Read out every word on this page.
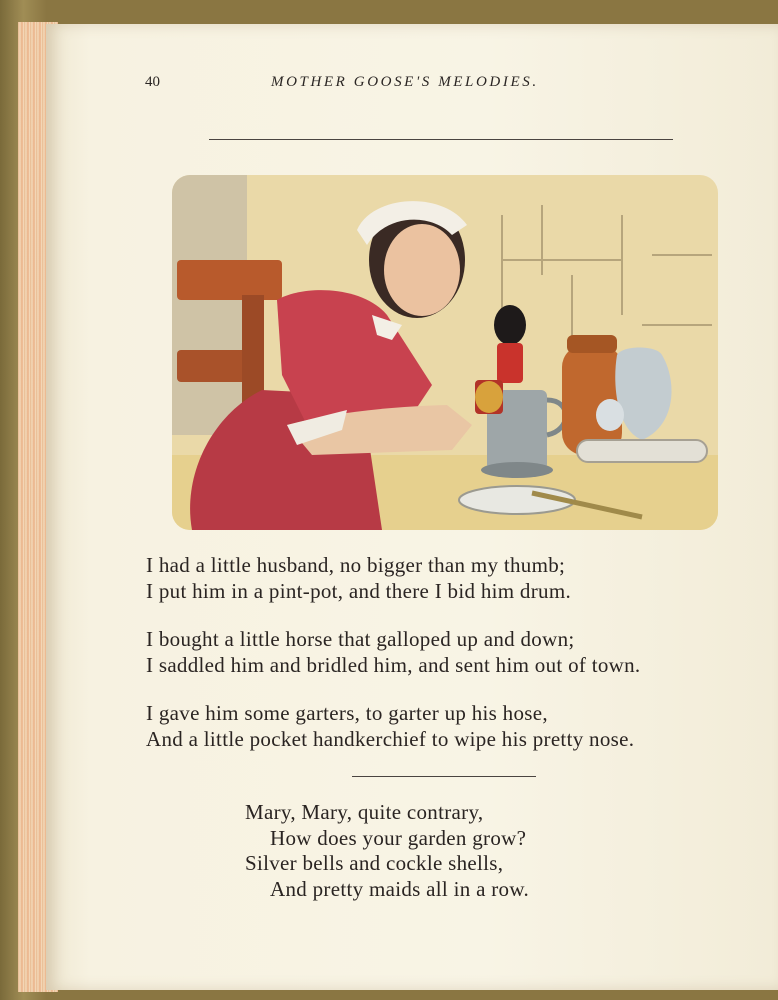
40	MOTHER GOOSE'S MELODIES.
I had a little husband, no bigger than my thumb;
I put him in a pint-pot, and there I bid him drum.
I bought a little horse that galloped up and down;
I saddled him and bridled him, and sent him out of town.
I gave him some garters, to garter up his hose,
And a little pocket handkerchief to wipe his pretty nose.
Mary, Mary, quite contrary,
How does your garden grow?
Silver bells and cockle shells,
And pretty maids all in a row.
